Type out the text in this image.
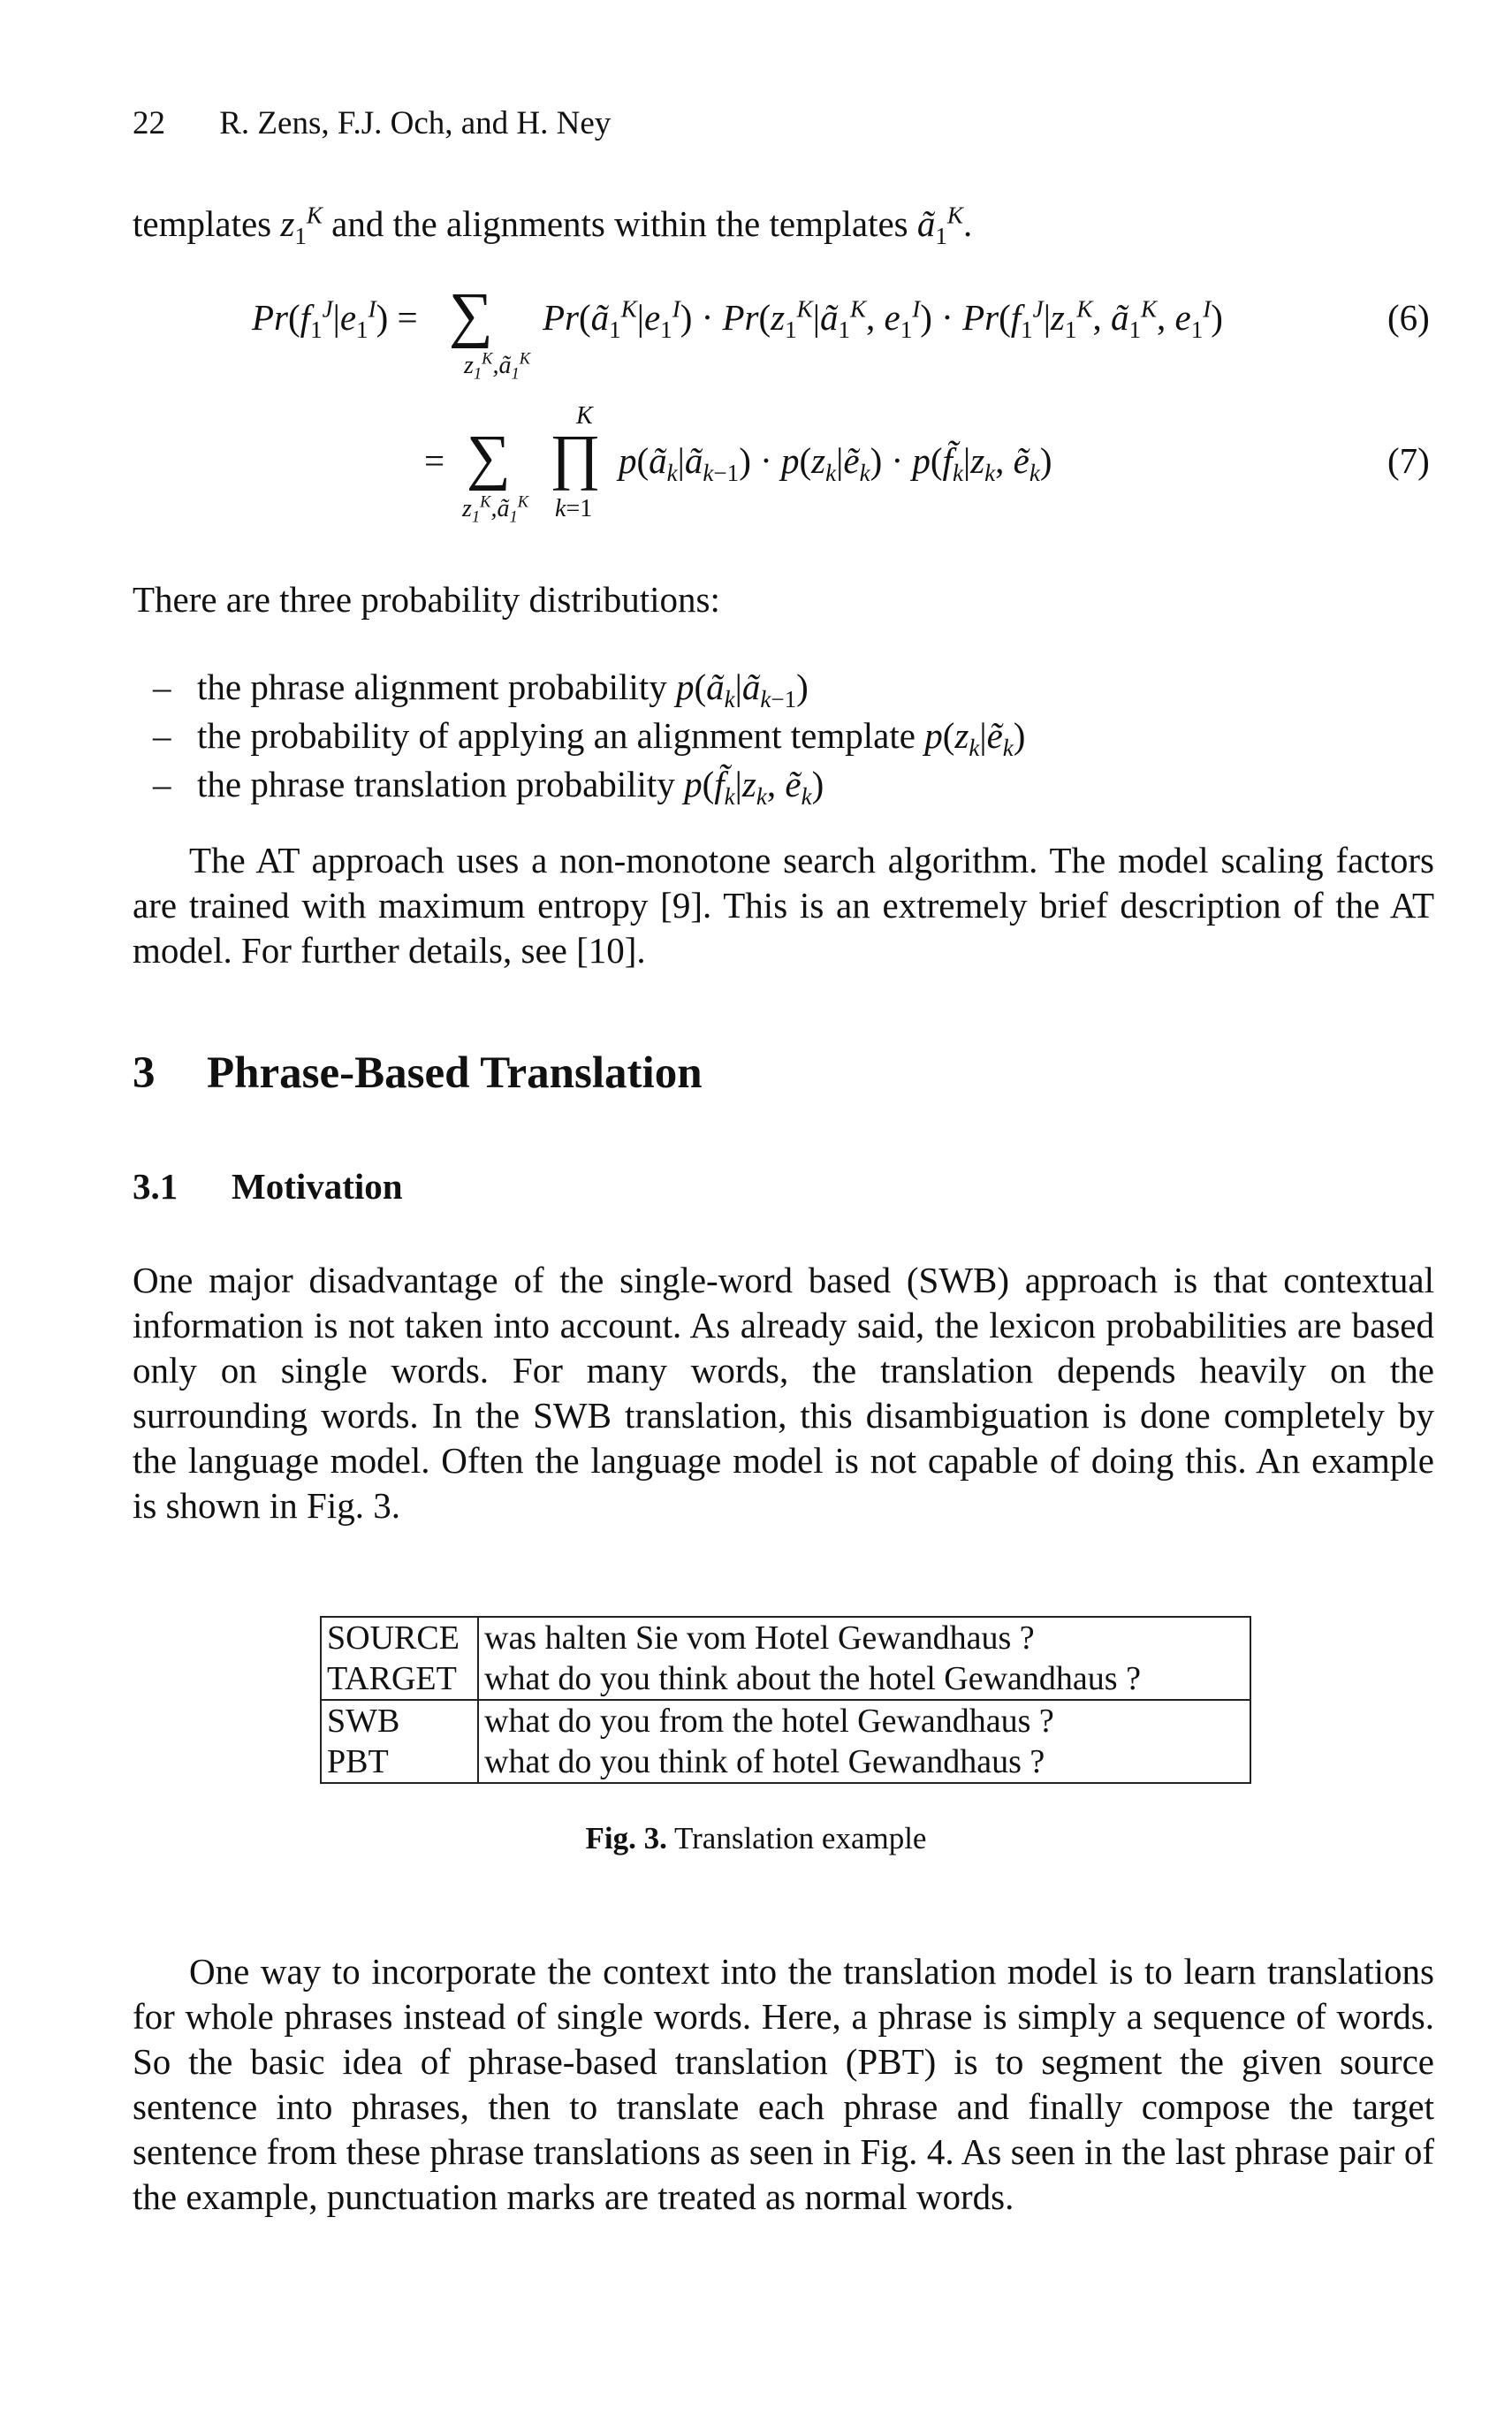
22 R. Zens, F.J. Och, and H. Ney
templates $z_1^K$ and the alignments within the templates $ã_1^K$.
$Pr(f_1^J|e_1^I)$ = ∑
$z_1^K,ã_1^K$
$Pr(ã_1^K|e_1^I)$ · $Pr(z_1^K|ã_1^K$, $e_1^I) \cdot Pr(f_1^J|z_1^K$, $ã_1^K$, $e_1^I$)	(6)
= ∑
$z_1^K,ã_1^K$
K
∏
k=1
$p(ã_k|ã_{k-1})$ · $p(z_k|ẽ_k)$ · $p(f̃_k|z_k$, ẽ$_k$)	(7)
There are three probability distributions:
– the phrase alignment probability $p(ã_k|ã_{k-1})$
– the probability of applying an alignment template $p(z_k|ẽ_k)$
– the phrase translation probability $p(f̃_k|z_k$, ẽ$_k$)

The AT approach uses a non-monotone search algorithm. The model scaling factors are trained with maximum entropy [9]. This is an extremely brief description of the AT model. For further details, see [10].

3 Phrase-Based Translation
3.1 Motivation

One major disadvantage of the single-word based (SWB) approach is that contextual information is not taken into account. As already said, the lexicon probabilities are based only on single words. For many words, the translation depends heavily on the surrounding words. In the SWB translation, this disambiguation is done completely by the language model. Often the language model is not capable of doing this. An example is shown in Fig. 3.

SOURCE	was halten Sie vom Hotel Gewandhaus ?
TARGET	what do you think about the hotel Gewandhaus ?
SWB	what do you from the hotel Gewandhaus ?
PBT	what do you think of hotel Gewandhaus ?
Fig. 3. Translation example

One way to incorporate the context into the translation model is to learn translations for whole phrases instead of single words. Here, a phrase is simply a sequence of words. So the basic idea of phrase-based translation (PBT) is to segment the given source sentence into phrases, then to translate each phrase and finally compose the target sentence from these phrase translations as seen in Fig. 4. As seen in the last phrase pair of the example, punctuation marks are treated as normal words.
